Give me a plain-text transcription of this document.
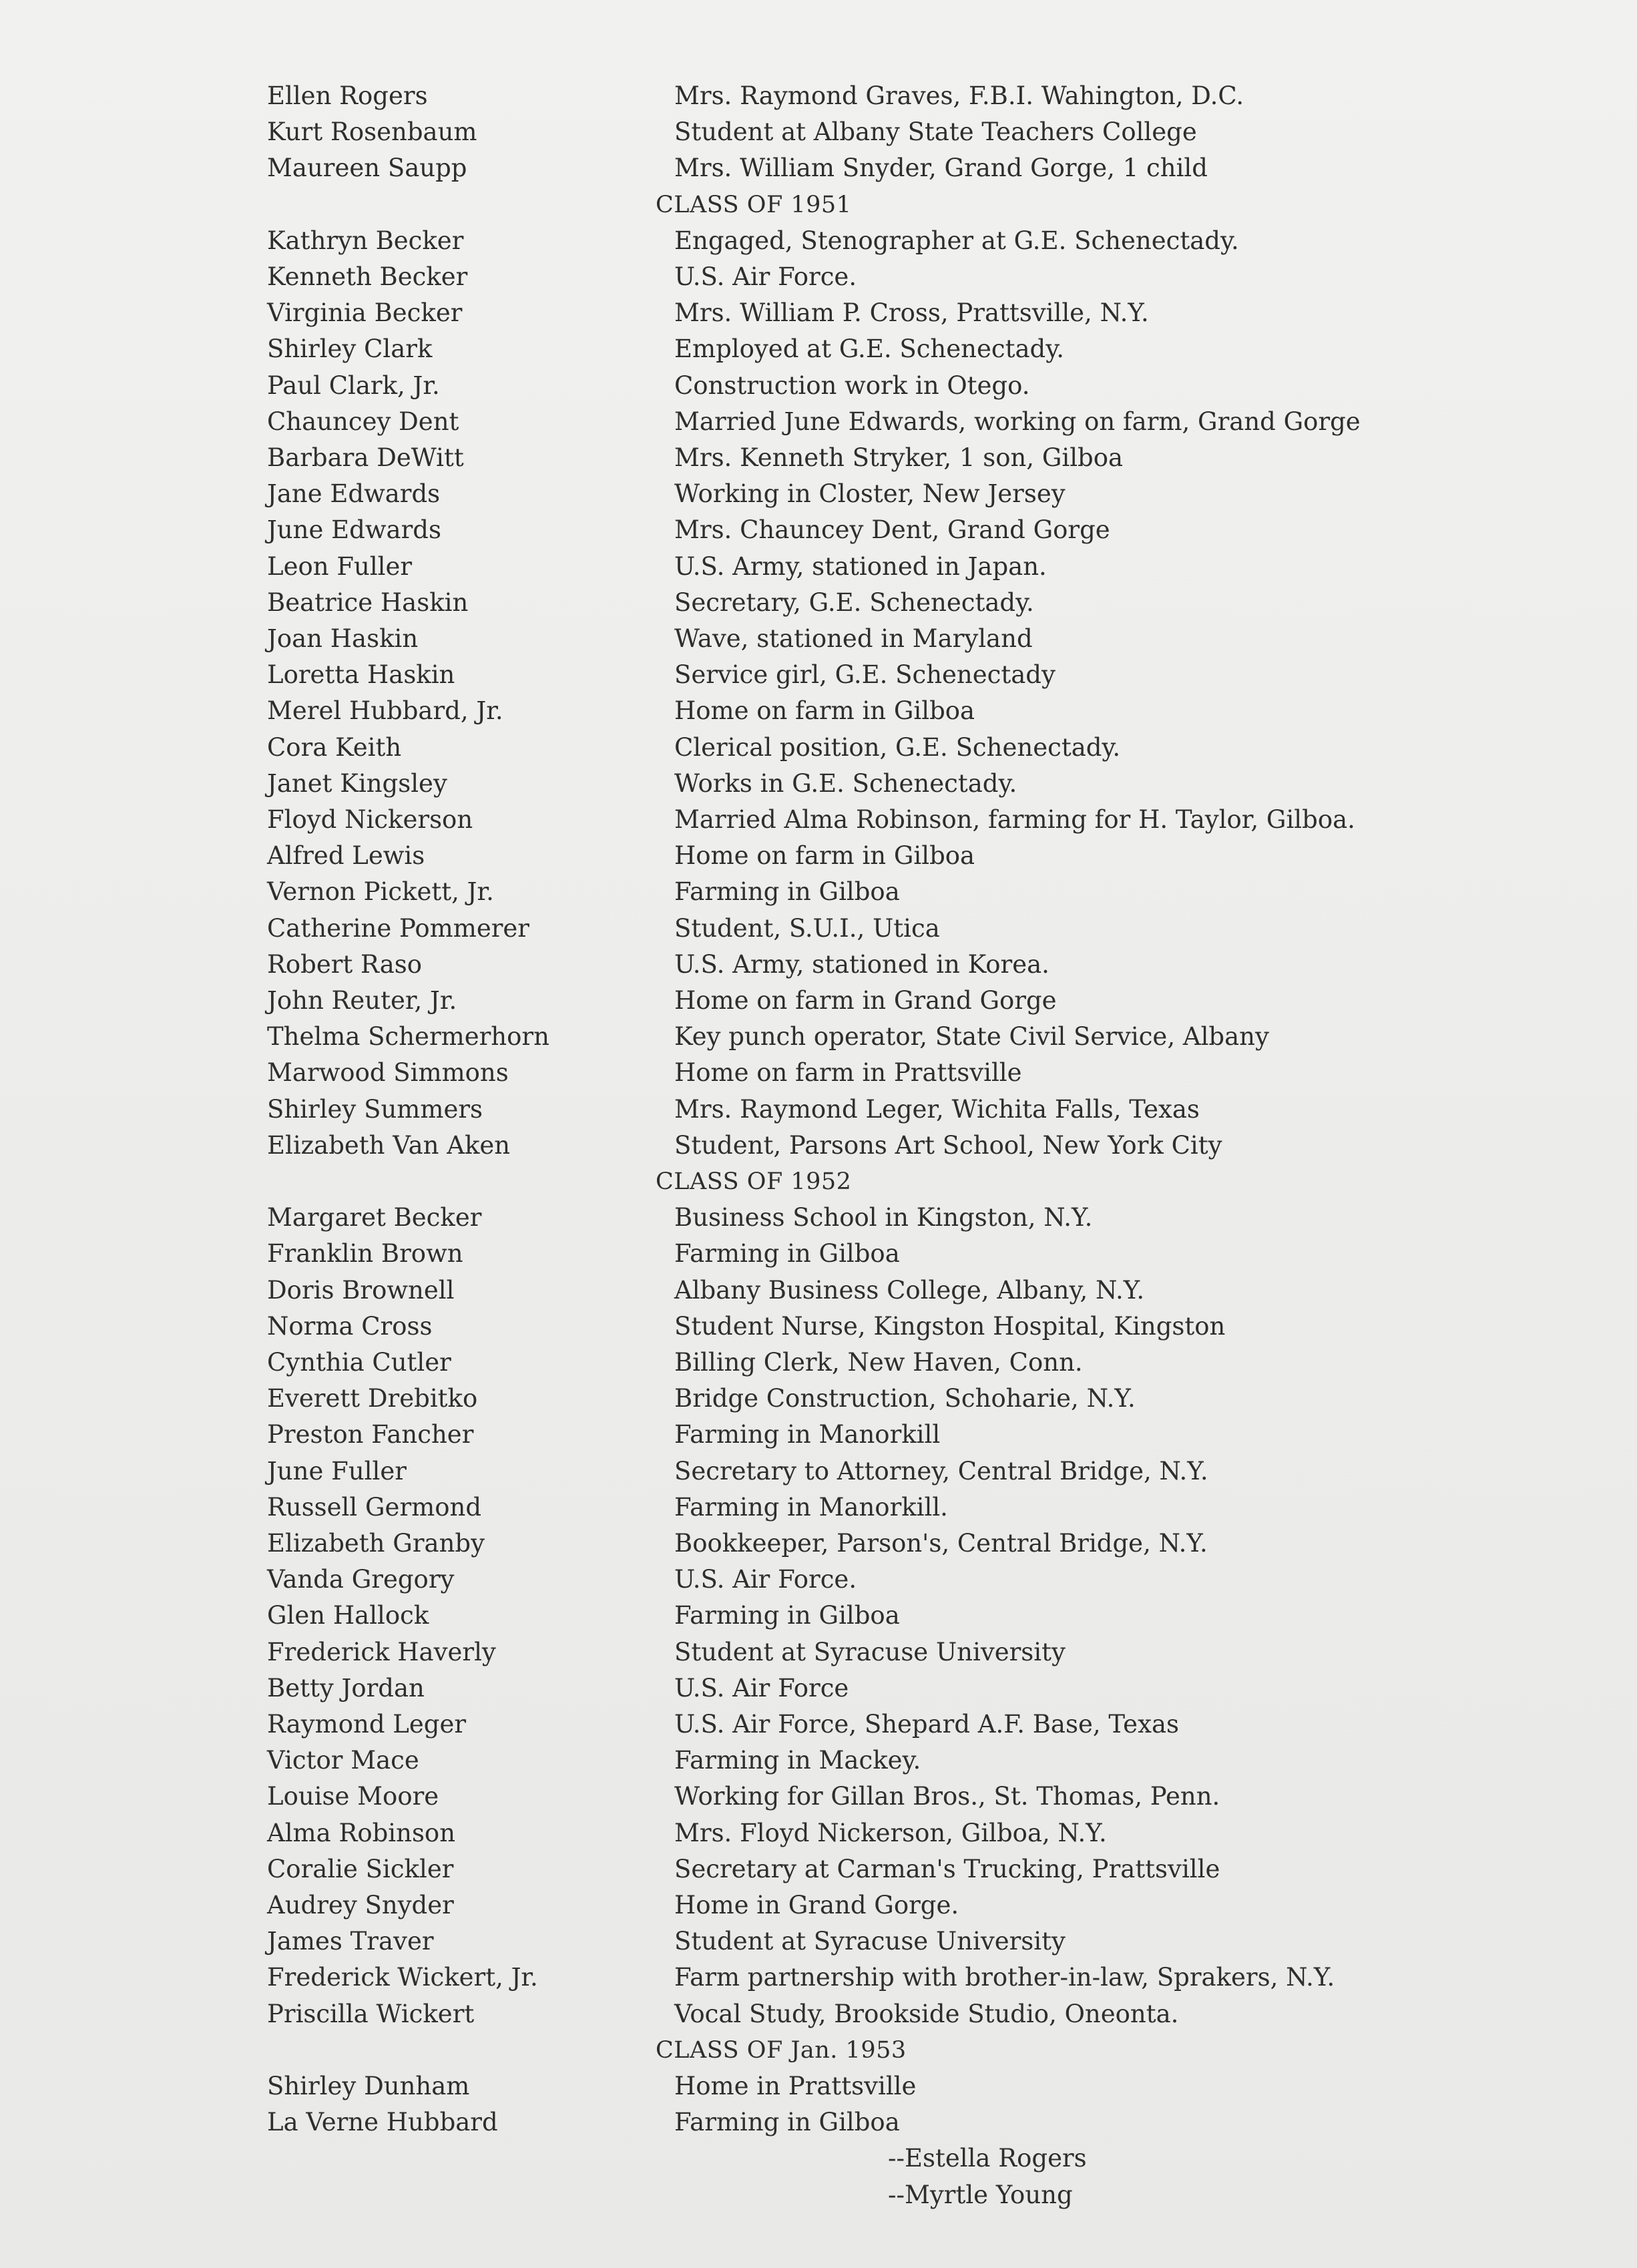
Ellen Rogers	Mrs. Raymond Graves, F.B.I. Wahington, D.C.
Kurt Rosenbaum	Student at Albany State Teachers College
Maureen Saupp	Mrs. William Snyder, Grand Gorge, 1 child
CLASS OF 1951
Kathryn Becker	Engaged, Stenographer at G.E. Schenectady.
Kenneth Becker	U.S. Air Force.
Virginia Becker	Mrs. William P. Cross, Prattsville, N.Y.
Shirley Clark	Employed at G.E. Schenectady.
Paul Clark, Jr.	Construction work in Otego.
Chauncey Dent	Married June Edwards, working on farm, Grand Gorge
Barbara DeWitt	Mrs. Kenneth Stryker, 1 son, Gilboa
Jane Edwards	Working in Closter, New Jersey
June Edwards	Mrs. Chauncey Dent, Grand Gorge
Leon Fuller	U.S. Army, stationed in Japan.
Beatrice Haskin	Secretary, G.E. Schenectady.
Joan Haskin	Wave, stationed in Maryland
Loretta Haskin	Service girl, G.E. Schenectady
Merel Hubbard, Jr.	Home on farm in Gilboa
Cora Keith	Clerical position, G.E. Schenectady.
Janet Kingsley	Works in G.E. Schenectady.
Floyd Nickerson	Married Alma Robinson, farming for H. Taylor, Gilboa.
Alfred Lewis	Home on farm in Gilboa
Vernon Pickett, Jr.	Farming in Gilboa
Catherine Pommerer	Student, S.U.I., Utica
Robert Raso	U.S. Army, stationed in Korea.
John Reuter, Jr.	Home on farm in Grand Gorge
Thelma Schermerhorn	Key punch operator, State Civil Service, Albany
Marwood Simmons	Home on farm in Prattsville
Shirley Summers	Mrs. Raymond Leger, Wichita Falls, Texas
Elizabeth Van Aken	Student, Parsons Art School, New York City
CLASS OF 1952
Margaret Becker	Business School in Kingston, N.Y.
Franklin Brown	Farming in Gilboa
Doris Brownell	Albany Business College, Albany, N.Y.
Norma Cross	Student Nurse, Kingston Hospital, Kingston
Cynthia Cutler	Billing Clerk, New Haven, Conn.
Everett Drebitko	Bridge Construction, Schoharie, N.Y.
Preston Fancher	Farming in Manorkill
June Fuller	Secretary to Attorney, Central Bridge, N.Y.
Russell Germond	Farming in Manorkill.
Elizabeth Granby	Bookkeeper, Parson's, Central Bridge, N.Y.
Vanda Gregory	U.S. Air Force.
Glen Hallock	Farming in Gilboa
Frederick Haverly	Student at Syracuse University
Betty Jordan	U.S. Air Force
Raymond Leger	U.S. Air Force, Shepard A.F. Base, Texas
Victor Mace	Farming in Mackey.
Louise Moore	Working for Gillan Bros., St. Thomas, Penn.
Alma Robinson	Mrs. Floyd Nickerson, Gilboa, N.Y.
Coralie Sickler	Secretary at Carman's Trucking, Prattsville
Audrey Snyder	Home in Grand Gorge.
James Traver	Student at Syracuse University
Frederick Wickert, Jr.	Farm partnership with brother-in-law, Sprakers, N.Y.
Priscilla Wickert	Vocal Study, Brookside Studio, Oneonta.
CLASS OF Jan. 1953
Shirley Dunham	Home in Prattsville
La Verne Hubbard	Farming in Gilboa
--Estella Rogers
--Myrtle Young
